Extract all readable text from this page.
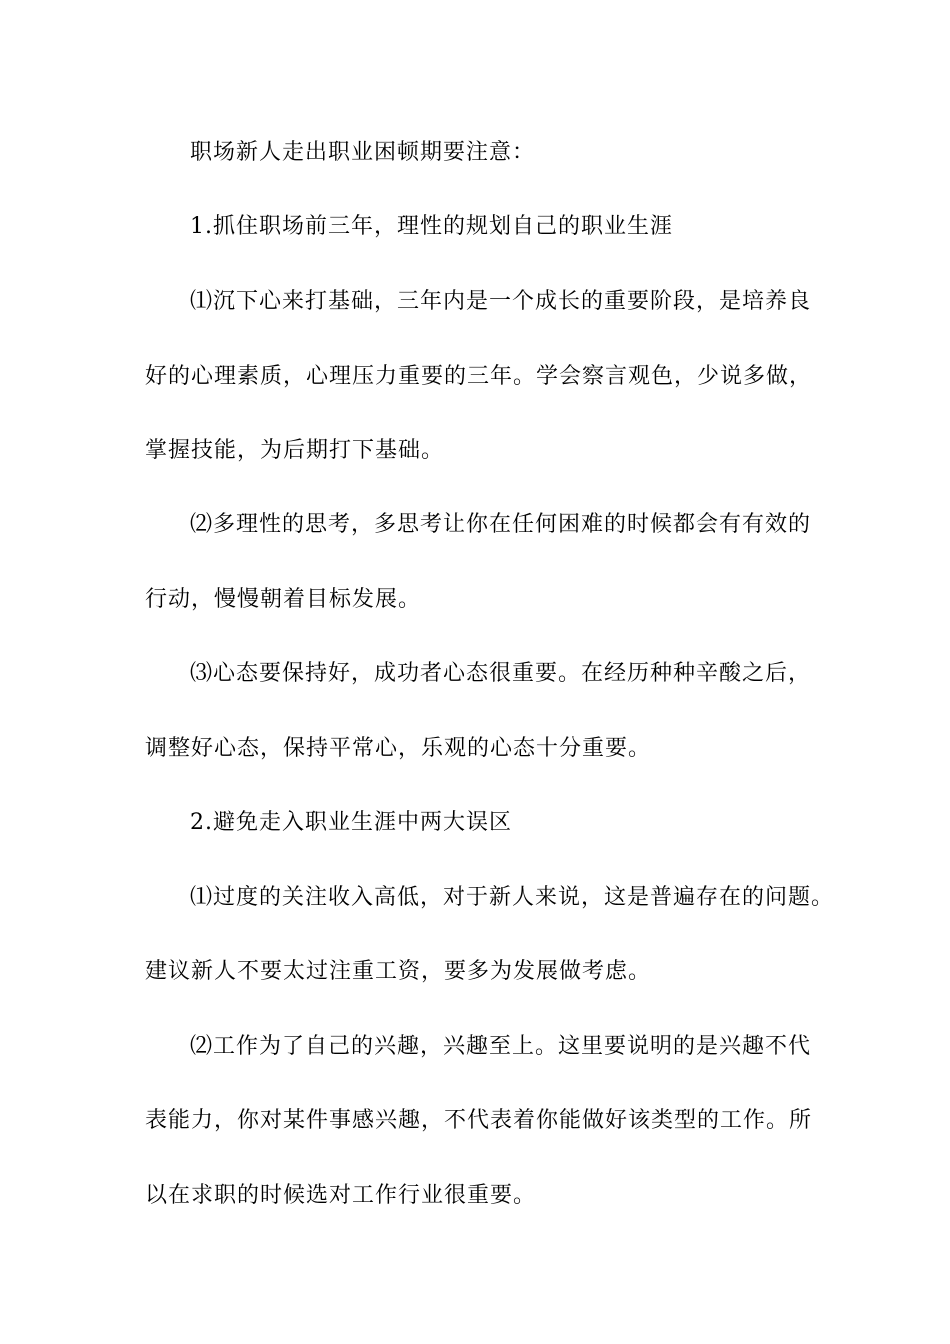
职场新人走出职业困顿期要注意：
1.抓住职场前三年，理性的规划自己的职业生涯
⑴沉下心来打基础，三年内是一个成长的重要阶段，是培养良
好的心理素质，心理压力重要的三年。学会察言观色，少说多做，
掌握技能，为后期打下基础。
⑵多理性的思考，多思考让你在任何困难的时候都会有有效的
行动，慢慢朝着目标发展。
⑶心态要保持好，成功者心态很重要。在经历种种辛酸之后，
调整好心态，保持平常心，乐观的心态十分重要。
2.避免走入职业生涯中两大误区
⑴过度的关注收入高低，对于新人来说，这是普遍存在的问题。
建议新人不要太过注重工资，要多为发展做考虑。
⑵工作为了自己的兴趣，兴趣至上。这里要说明的是兴趣不代
表能力，你对某件事感兴趣，不代表着你能做好该类型的工作。所
以在求职的时候选对工作行业很重要。
